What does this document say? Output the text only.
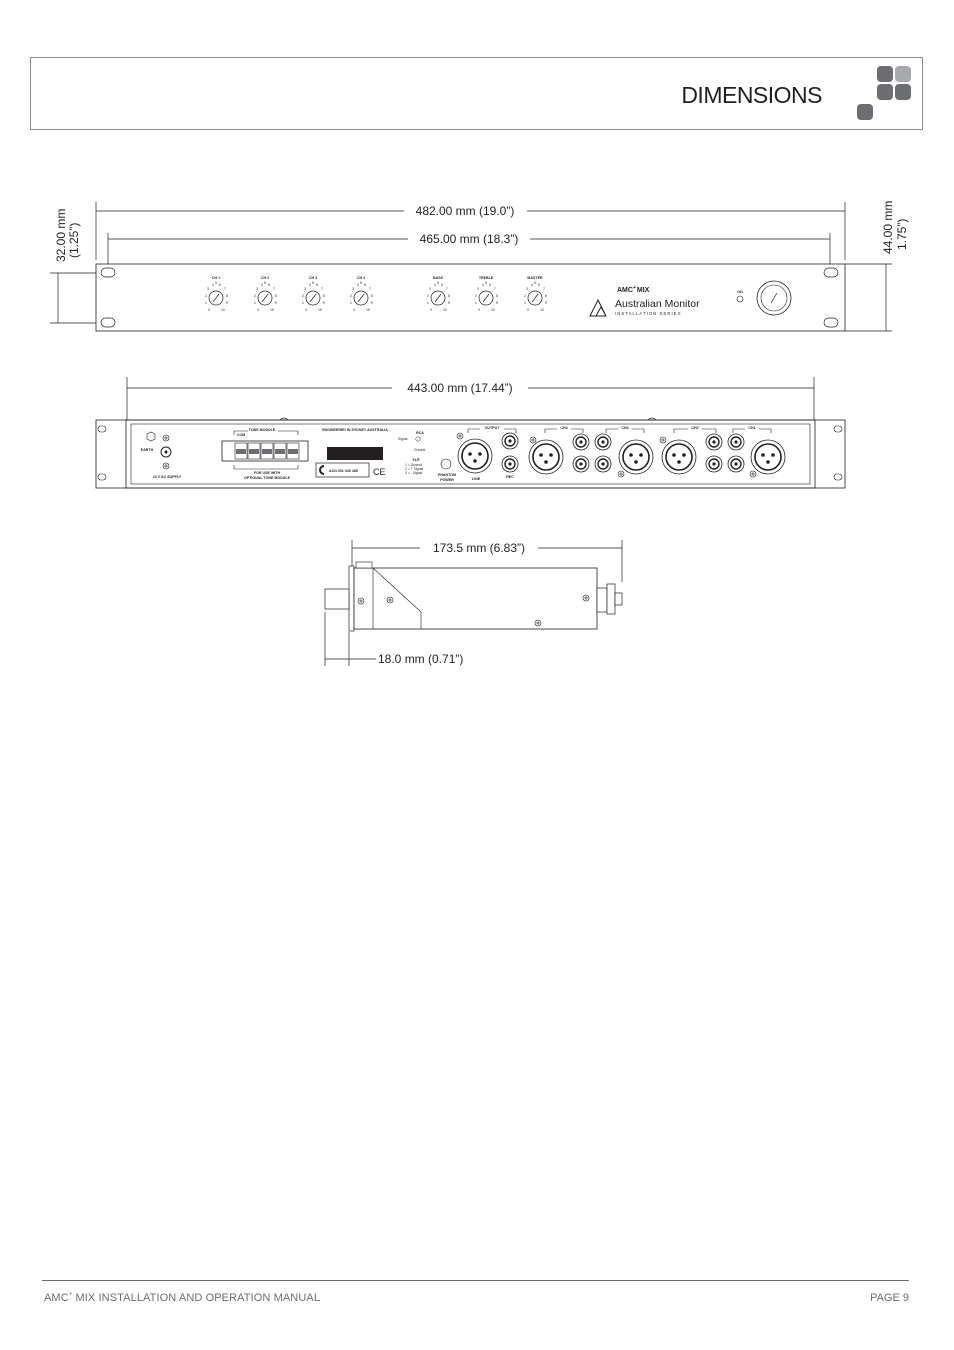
DIMENSIONS
9
10
482.00 mm (19.0”)
465.00 mm (18.3”)
32.00 mm (1.25”)	44.00 mm 1.75”)
CH 1	CH 2	CH 3	CH 4	BASS	TREBLE	MASTER
AMC+MIX
Australian Monitor
INSTALLATION SERIES
ON
443.00 mm (17.44”)
EARTH
24 V AC SUPPLY
TONE MODULE
COM
FOR USE WITH
OPTIONAL TONE MODULE
ENGINEERED IN SYDNEY AUSTRALIA
ACN 001 345 485 CE
RCA
Signal
Ground
XLR
1 = Ground
2 = + Signal
3 = - Signal	PHANTOM
POWER
OUTPUT
LINE	REC
CH4	CH3	CH2	CH1
173.5 mm (6.83”)
18.0 mm (0.71”)
AMC+ MIX INSTALLATION AND OPERATION MANUAL	PAGE 9
